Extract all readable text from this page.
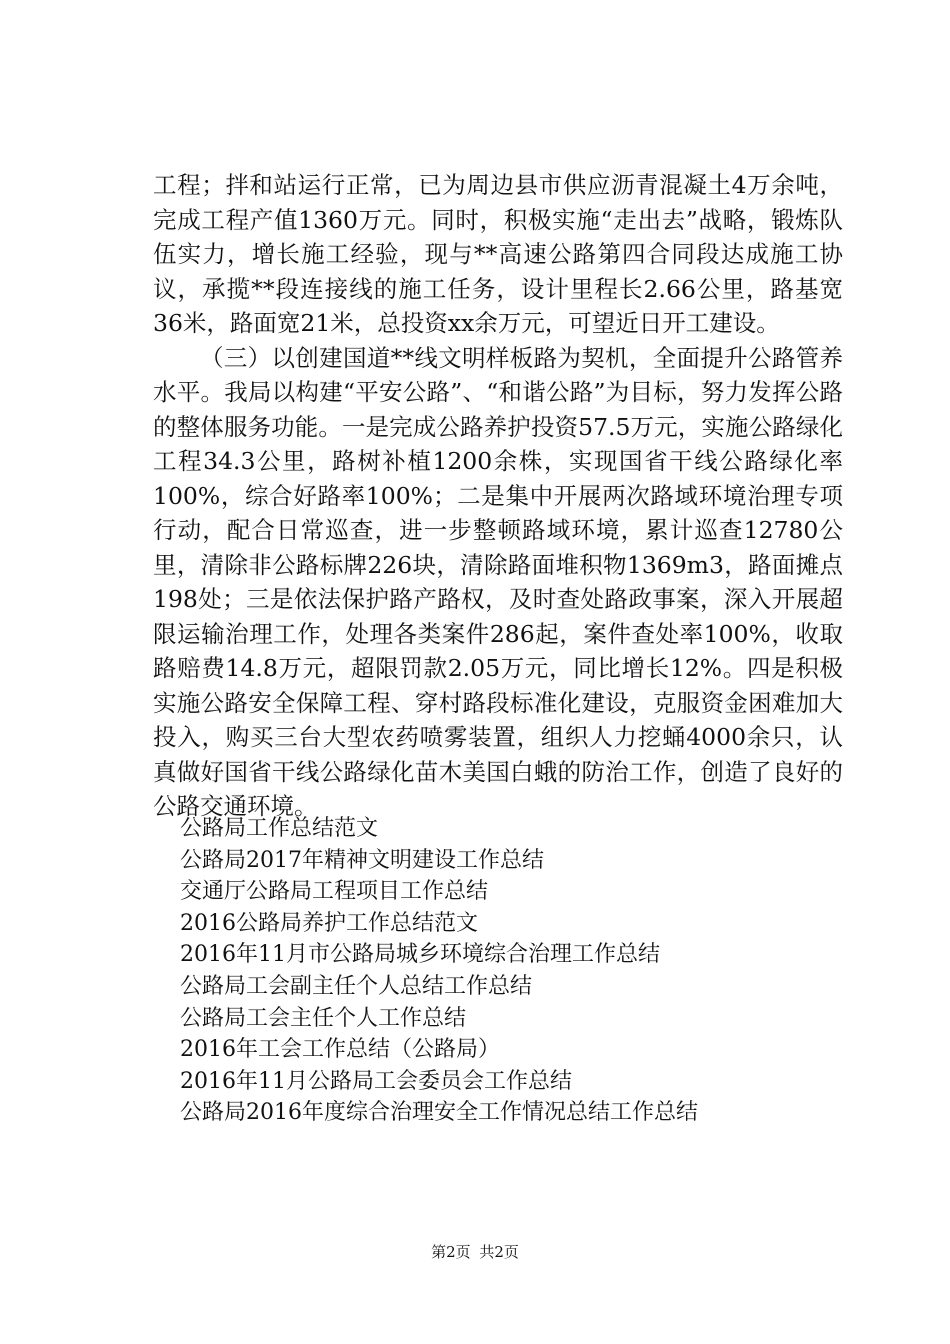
工程；拌和站运行正常，已为周边县市供应沥青混凝土4万余吨，完成工程产值1360万元。同时，积极实施“走出去”战略，锻炼队伍实力，增长施工经验，现与**高速公路第四合同段达成施工协议，承揽**段连接线的施工任务，设计里程长2.66公里，路基宽36米，路面宽21米，总投资xx余万元，可望近日开工建设。

（三）以创建国道**线文明样板路为契机，全面提升公路管养水平。我局以构建“平安公路”、“和谐公路”为目标，努力发挥公路的整体服务功能。一是完成公路养护投资57.5万元，实施公路绿化工程34.3公里，路树补植1200余株，实现国省干线公路绿化率100%，综合好路率100%；二是集中开展两次路域环境治理专项行动，配合日常巡查，进一步整顿路域环境，累计巡查12780公里，清除非公路标牌226块，清除路面堆积物1369m3，路面摊点198处；三是依法保护路产路权，及时查处路政事案，深入开展超限运输治理工作，处理各类案件286起，案件查处率100%，收取路赔费14.8万元，超限罚款2.05万元，同比增长12%。四是积极实施公路安全保障工程、穿村路段标准化建设，克服资金困难加大投入，购买三台大型农药喷雾装置，组织人力挖蛹4000余只，认真做好国省干线公路绿化苗木美国白蛾的防治工作，创造了良好的公路交通环境。

公路局工作总结范文
公路局2017年精神文明建设工作总结
交通厅公路局工程项目工作总结
2016公路局养护工作总结范文
2016年11月市公路局城乡环境综合治理工作总结
公路局工会副主任个人总结工作总结
公路局工会主任个人工作总结
2016年工会工作总结（公路局）
2016年11月公路局工会委员会工作总结
公路局2016年度综合治理安全工作情况总结工作总结
第2页 共2页
